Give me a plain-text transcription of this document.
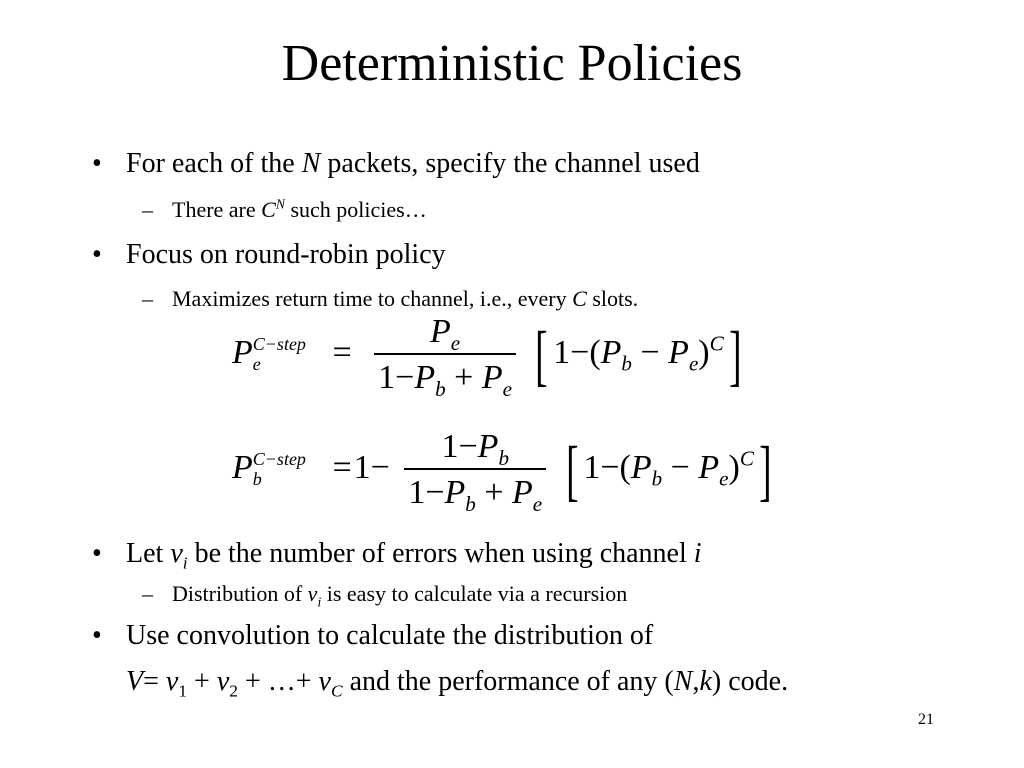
Deterministic Policies
• For each of the N packets, specify the channel used
– There are $C^N$ such policies…
• Focus on round-robin policy
– Maximizes return time to channel, i.e., every C slots.
P C−step
e	= $\frac{P_e}{1-P_b + P_e}$ [ $1-(P_b - P_e)^C$]
P C−step
b	$=1- \frac{1-P_b}{1-P_b + P_e}$ [ $1-(P_b - P_e)^C$]
• Let $v_i$ be the number of errors when using channel i
– Distribution of $v_i$ is easy to calculate via a recursion
• Use convolution to calculate the distribution of
$V= v_1 + v_2$ + …+ $v_C$ and the performance of any (N,k) code.
21
